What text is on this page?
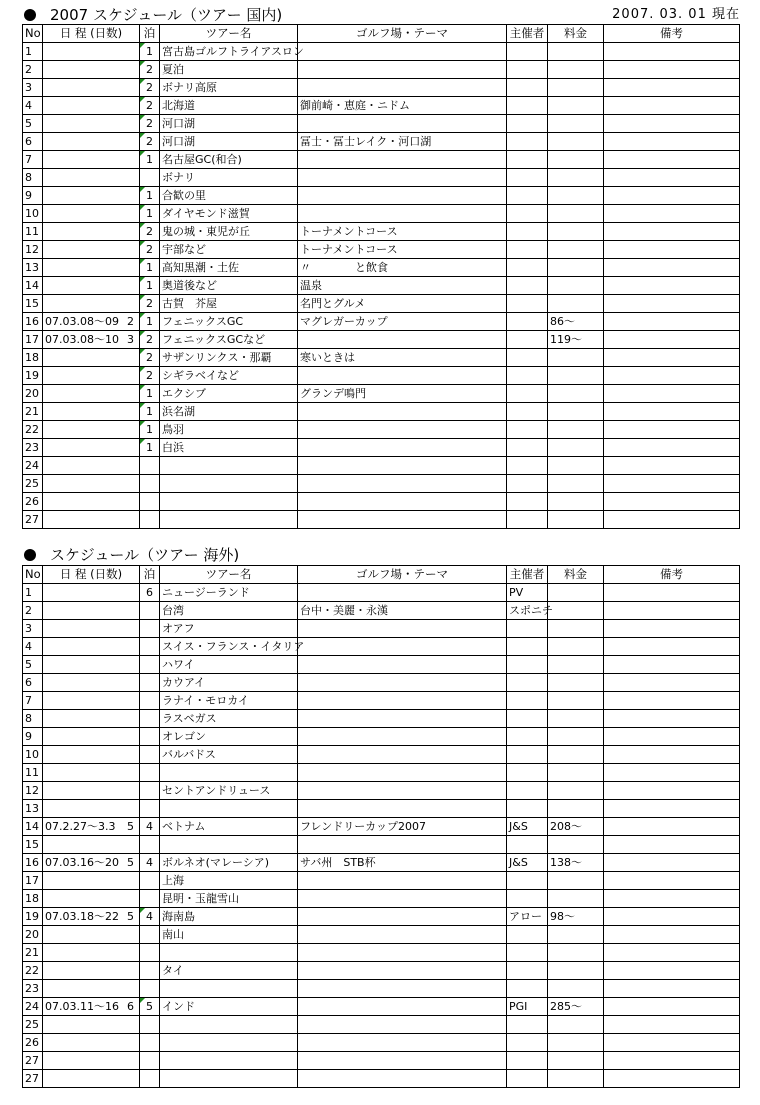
2007 スケジュール（ツアー 国内)	2007. 03. 01 現在
No	日 程 (日数)	泊	ツアー名	ゴルフ場・テーマ	主催者	料金	備考
1		1	宮古島ゴルフトライアスロン				
2		2	夏泊				
3		2	ボナリ高原				
4		2	北海道	御前崎・恵庭・ニドム			
5		2	河口湖				
6		2	河口湖	冨士・冨士レイク・河口湖			
7		1	名古屋GC(和合)				
8			ボナリ				
9		1	合歓の里				
10		1	ダイヤモンド滋賀				
11		2	鬼の城・東児が丘	トーナメントコース			
12		2	宇部など	トーナメントコース			
13		1	高知黒潮・土佐	〃　　　　と飲食			
14		1	奥道後など	温泉			
15		2	古賀　芥屋	名門とグルメ			
16	07.03.08～09 2	1	フェニックスGC	マグレガーカップ		86～	
17	07.03.08～10 3	2	フェニックスGCなど			119～	
18		2	サザンリンクス・那覇	寒いときは			
19		2	シギラベイなど				
20		1	エクシブ	グランデ鳴門			
21		1	浜名湖				
22		1	鳥羽				
23		1	白浜				
24	

25	

26	

27	

スケジュール（ツアー 海外)
No	日 程 (日数)	泊	ツアー名	ゴルフ場・テーマ	主催者	料金	備考
1		6	ニュージーランド		PV		
2			台湾	台中・美麗・永漢	スポニチ		
3			オアフ				
4			スイス・フランス・イタリア				
5			ハワイ				
6			カウアイ				
7			ラナイ・モロカイ				
8			ラスベガス				
9			オレゴン				
10			バルバドス				
11	

12			セントアンドリュース				
13	

14	07.2.27～3.3 5	4	ベトナム	フレンドリーカップ2007	J&S	208～	
15	

16	07.03.16～20 5	4	ボルネオ(マレーシア)	サバ州　STB杯	J&S	138～	
17			上海				
18			昆明・玉龍雪山				
19	07.03.18～22 5	4	海南島		アロー	98～	
20			南山				
21	

22			タイ				
23	

24	07.03.11～16 6	5	インド		PGI	285～	
25	

26	

27	

27	
